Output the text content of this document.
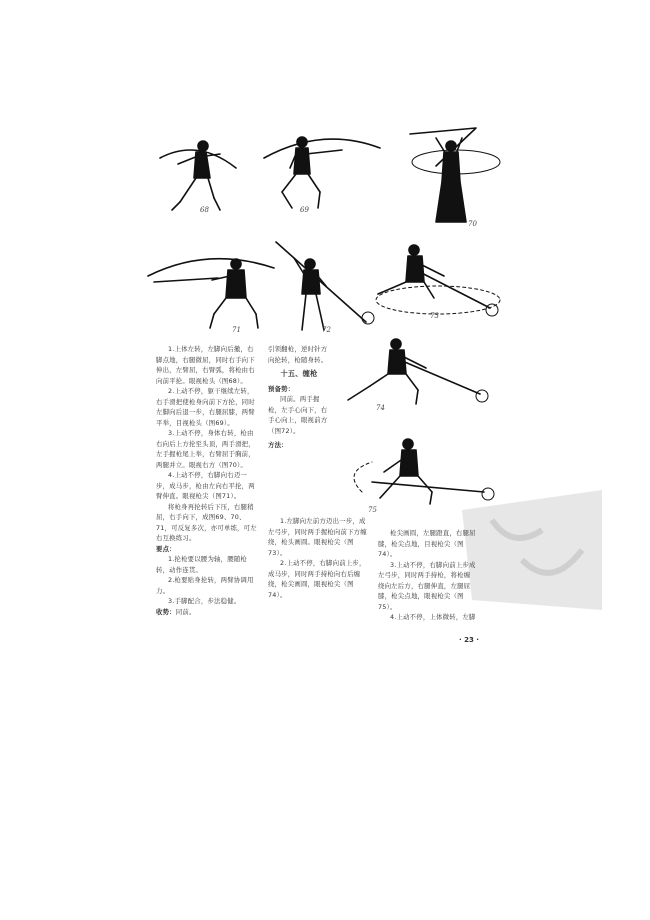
68	69
70
71	72
73
74
75

1.上体左转，左脚向后撤，右脚点地，右腿微屈，同时右手向下伸出，左臂屈，右臂弧，将枪由右向前平抡。眼视枪头（图68）。

2.上动不停，躯干继续左转，右手滑把使枪身向前下方抡，同时左脚向后退一步，右腿屈膝，两臂平举，目视枪头（图69）。

3.上动不停，身体右转，枪由右向后上方抡至头顶，两手滑把，左手握枪尾上举，右臂屈于胸前，两腿并立。眼视右方（图70）。

4.上动不停，右脚向右迈一步，成马步，枪由左向右平抡，两臂伸直。眼视枪尖（图71）。

将枪身再抡转后下压，右腿稍屈，右手向下，成图69、70、71，可反复多次，亦可单练，可左右互换练习。

要点：

1.抡枪要以腰为轴，腰随枪转，动作连贯。

2.枪要贴身抡转，两臂协调用力。

3.手脚配合，步法稳健。

收势：同前。

引领翻枪，逆时针方向抡转，枪随身转。

十五、缠枪

预备势：

同前。两手握枪，左手心向下，右手心向上，眼视前方（图72）。

方法：

1.左脚向左前方迈出一步，成左弓步，同时两手握枪向前下方缠绕，枪头画圆。眼视枪尖（图73）。

2.上动不停，右脚向前上步，成马步，同时两手持枪向右后缠绕，枪尖画圆，眼视枪尖（图74）。

枪尖画圆，左腿蹬直，右腿屈膝，枪尖点地，目视枪尖（图74）。

3.上动不停，右脚向前上步成左弓步，同时两手持枪，将枪缠绕向左后方，右腿伸直，左腿屈膝，枪尖点地，眼视枪尖（图75）。

4.上动不停，上体微转，左脚

· 23 ·
